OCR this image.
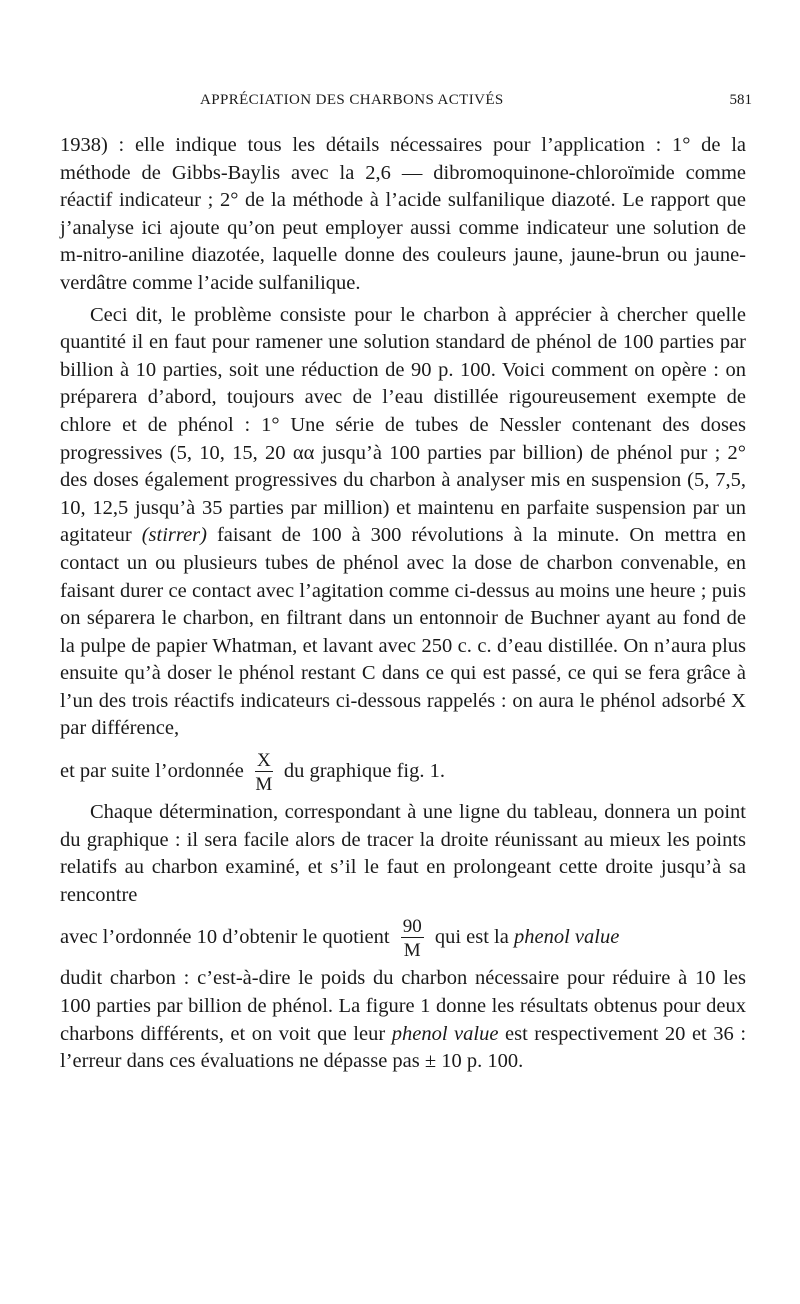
APPRÉCIATION DES CHARBONS ACTIVÉS	581

1938) : elle indique tous les détails nécessaires pour l’application : 1° de la méthode de Gibbs-Baylis avec la 2,6 — dibromoquinone-chloroïmide comme réactif indicateur ; 2° de la méthode à l’acide sulfanilique diazoté. Le rapport que j’analyse ici ajoute qu’on peut employer aussi comme indicateur une solution de m-nitro-aniline diazotée, laquelle donne des couleurs jaune, jaune-brun ou jaune-verdâtre comme l’acide sulfanilique.

Ceci dit, le problème consiste pour le charbon à apprécier à chercher quelle quantité il en faut pour ramener une solution standard de phénol de 100 parties par billion à 10 parties, soit une réduction de 90 p. 100. Voici comment on opère : on préparera d’abord, toujours avec de l’eau distillée rigoureusement exempte de chlore et de phénol : 1° Une série de tubes de Nessler contenant des doses progressives (5, 10, 15, 20 αα jusqu’à 100 parties par billion) de phénol pur ; 2° des doses également progressives du charbon à analyser mis en suspension (5, 7,5, 10, 12,5 jusqu’à 35 parties par million) et maintenu en parfaite suspension par un agitateur (stirrer) faisant de 100 à 300 révolutions à la minute. On mettra en contact un ou plusieurs tubes de phénol avec la dose de charbon convenable, en faisant durer ce contact avec l’agitation comme ci-dessus au moins une heure ; puis on séparera le charbon, en filtrant dans un entonnoir de Buchner ayant au fond de la pulpe de papier Whatman, et lavant avec 250 c. c. d’eau distillée. On n’aura plus ensuite qu’à doser le phénol restant C dans ce qui est passé, ce qui se fera grâce à l’un des trois réactifs indicateurs ci-dessous rappelés : on aura le phénol adsorbé X par différence,

et par suite l’ordonnée $\frac{X}{M}$ du graphique fig. 1.

Chaque détermination, correspondant à une ligne du tableau, donnera un point du graphique : il sera facile alors de tracer la droite réunissant au mieux les points relatifs au charbon examiné, et s’il le faut en prolongeant cette droite jusqu’à sa rencontre

avec l’ordonnée 10 d’obtenir le quotient $\frac{90}{M}$ qui est la phenol value

dudit charbon : c’est-à-dire le poids du charbon nécessaire pour réduire à 10 les 100 parties par billion de phénol. La figure 1 donne les résultats obtenus pour deux charbons différents, et on voit que leur phenol value est respectivement 20 et 36 : l’erreur dans ces évaluations ne dépasse pas ± 10 p. 100.
